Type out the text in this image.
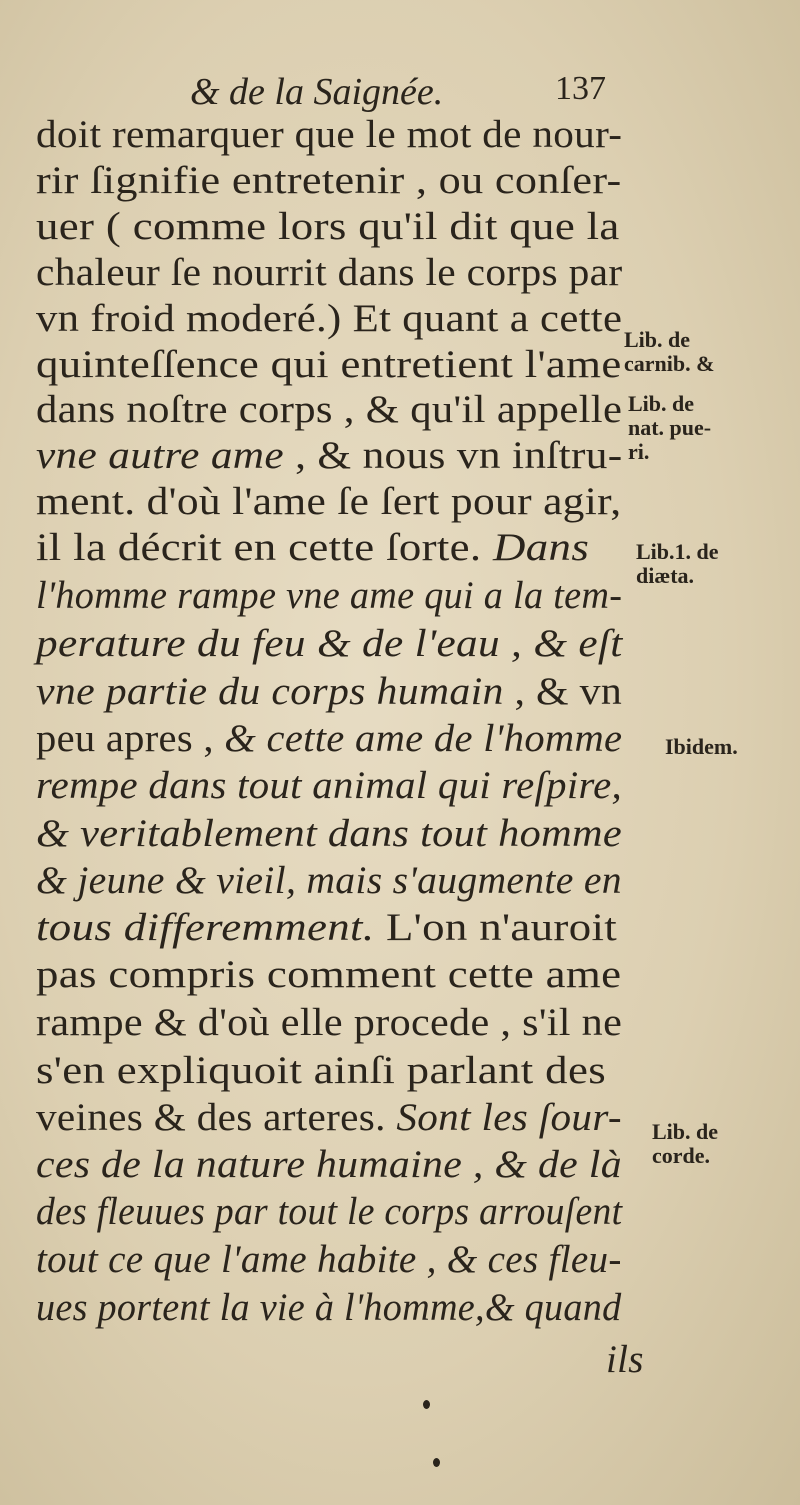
& de la Saignée.	137
doit remarquer que le mot de nour-
rir ſignifie entretenir , ou conſer-
uer ( comme lors qu'il dit que la
chaleur ſe nourrit dans le corps par
vn froid moderé.) Et quant a cette
quinteſſence qui entretient l'ame
dans noſtre corps , & qu'il appelle
vne autre ame , & nous vn inſtru-
ment. d'où l'ame ſe ſert pour agir,
il la décrit en cette ſorte. Dans
l'homme rampe vne ame qui a la tem-
perature du feu & de l'eau , & eſt
vne partie du corps humain , & vn
peu apres , & cette ame de l'homme
rempe dans tout animal qui reſpire,
& veritablement dans tout homme
& jeune & vieil, mais s'augmente en
tous differemment. L'on n'auroit
pas compris comment cette ame
rampe & d'où elle procede , s'il ne
s'en expliquoit ainſi parlant des
veines & des arteres. Sont les ſour-
ces de la nature humaine , & de là
des fleuues par tout le corps arrouſent
tout ce que l'ame habite , & ces fleu-
ues portent la vie à l'homme,& quand
ils
Lib. de
carnib. &
Lib. de
nat. pue-
ri.
Lib.1. de
diæta.
Ibidem.
Lib. de
corde.
